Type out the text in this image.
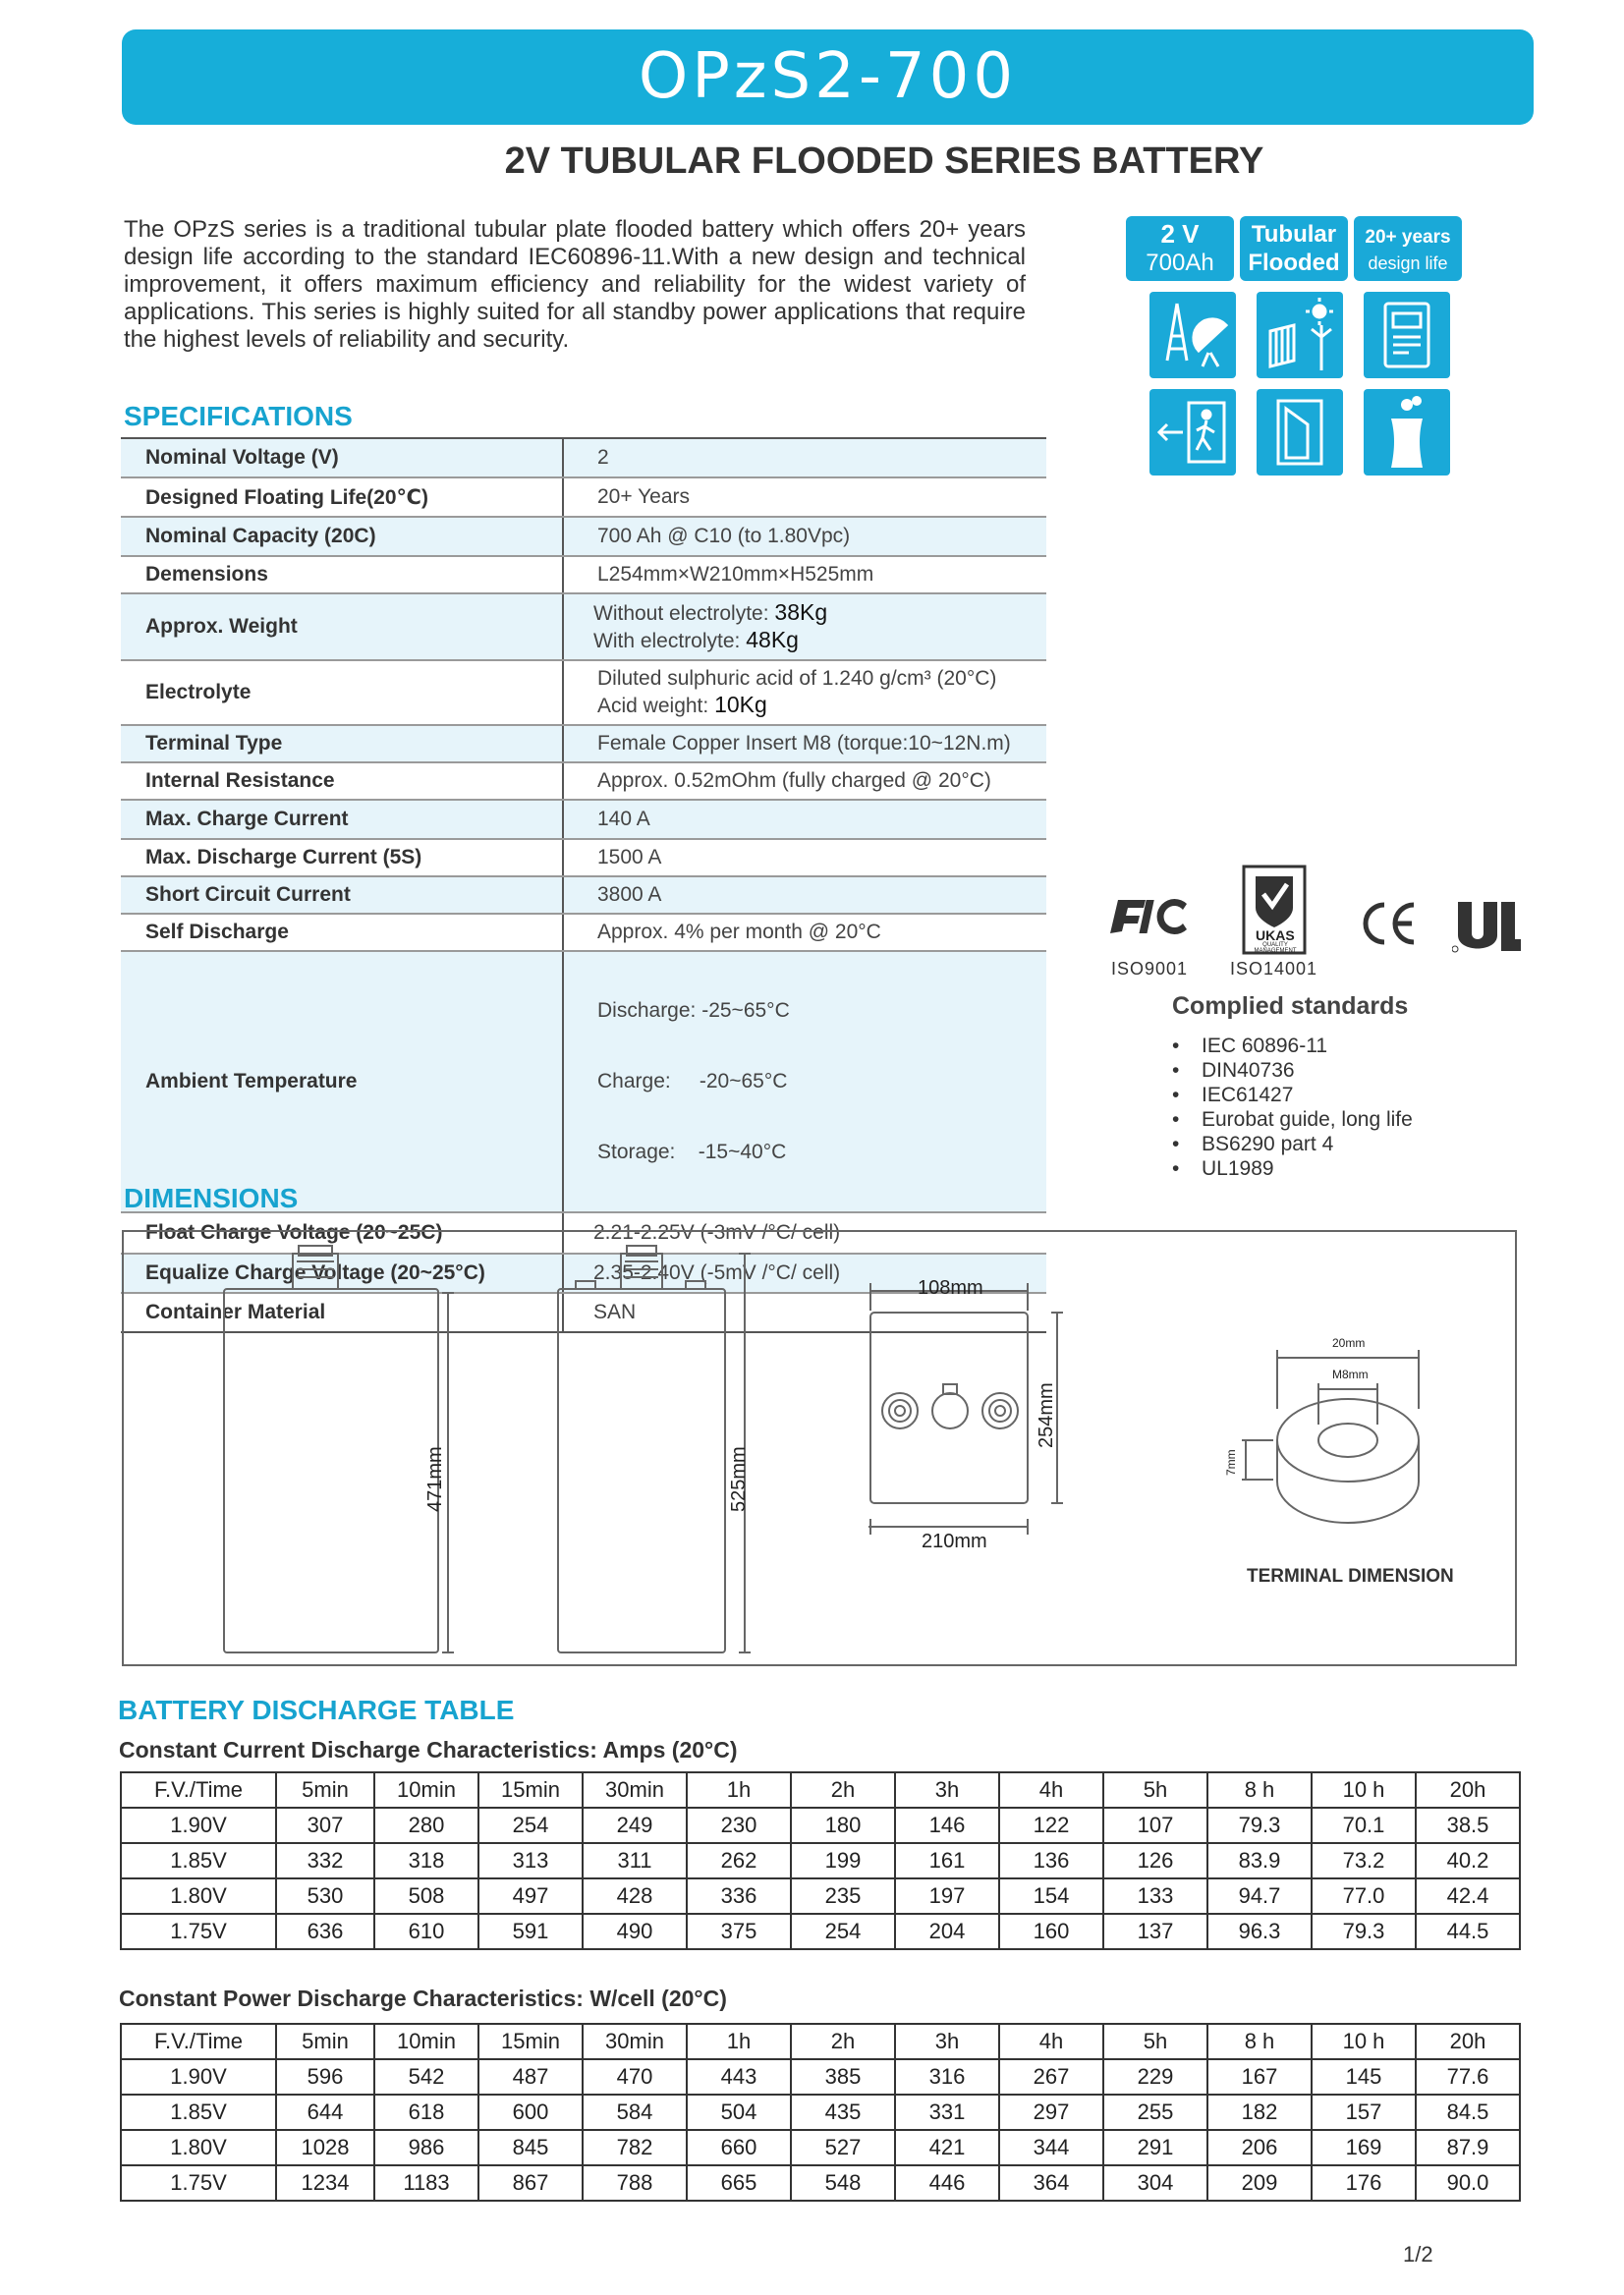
OPzS2-700
2V TUBULAR FLOODED SERIES BATTERY
The OPzS series is a traditional tubular plate flooded battery which offers 20+ years design life according to the standard IEC60896-11.With a new design and technical improvement, it offers maximum efficiency and reliability for the widest variety of applications. This series is highly suited for all standby power applications that require the highest levels of reliability and security.
2 V
700Ah
Tubular
Flooded
20+ years
design life
SPECIFICATIONS
Nominal Voltage (V)	2
Designed Floating Life(20℃)	20+ Years
Nominal Capacity (20C)	700 Ah @ C10 (to 1.80Vpc)
Demensions	L254mm×W210mm×H525mm
Approx. Weight	Without electrolyte: 38Kg
With electrolyte: 48Kg

Electrolyte	Diluted sulphuric acid of 1.240 g/cm³ (20°C)
Acid weight: 10Kg

Terminal Type	Female Copper Insert M8 (torque:10~12N.m)
Internal Resistance	Approx. 0.52mOhm (fully charged @ 20°C)
Max. Charge Current	140 A
Max. Discharge Current (5S)	1500 A
Short Circuit Current	3800 A
Self Discharge	Approx. 4% per month @ 20°C
Ambient Temperature	Discharge: -25~65°C

Charge:     -20~65°C

Storage:    -15~40°C

Float Charge Voltage (20~25C)	2.21-2.25V (-3mV /°C/ cell)
Equalize Charge Voltage (20~25°C)	2.35-2.40V (-5mV /°C/ cell)
Container Material	SAN
ISO9001
UKAS
QUALITY MANAGEMENT
ISO14001
Complied standards
• IEC 60896-11
• DIN40736
• IEC61427
• Eurobat guide, long life
• BS6290 part 4
• UL1989
DIMENSIONS
471mm	525mm
108mm
254mm
210mm
20mm
M8mm
7mm
TERMINAL DIMENSION
BATTERY DISCHARGE TABLE
Constant Current Discharge Characteristics: Amps (20°C)
F.V./Time	5min	10min	15min	30min	1h	2h	3h	4h	5h	8 h	10 h	20h
1.90V	307	280	254	249	230	180	146	122	107	79.3	70.1	38.5
1.85V	332	318	313	311	262	199	161	136	126	83.9	73.2	40.2
1.80V	530	508	497	428	336	235	197	154	133	94.7	77.0	42.4
1.75V	636	610	591	490	375	254	204	160	137	96.3	79.3	44.5
Constant Power Discharge Characteristics: W/cell (20°C)
F.V./Time	5min	10min	15min	30min	1h	2h	3h	4h	5h	8 h	10 h	20h
1.90V	596	542	487	470	443	385	316	267	229	167	145	77.6
1.85V	644	618	600	584	504	435	331	297	255	182	157	84.5
1.80V	1028	986	845	782	660	527	421	344	291	206	169	87.9
1.75V	1234	1183	867	788	665	548	446	364	304	209	176	90.0
1/2
